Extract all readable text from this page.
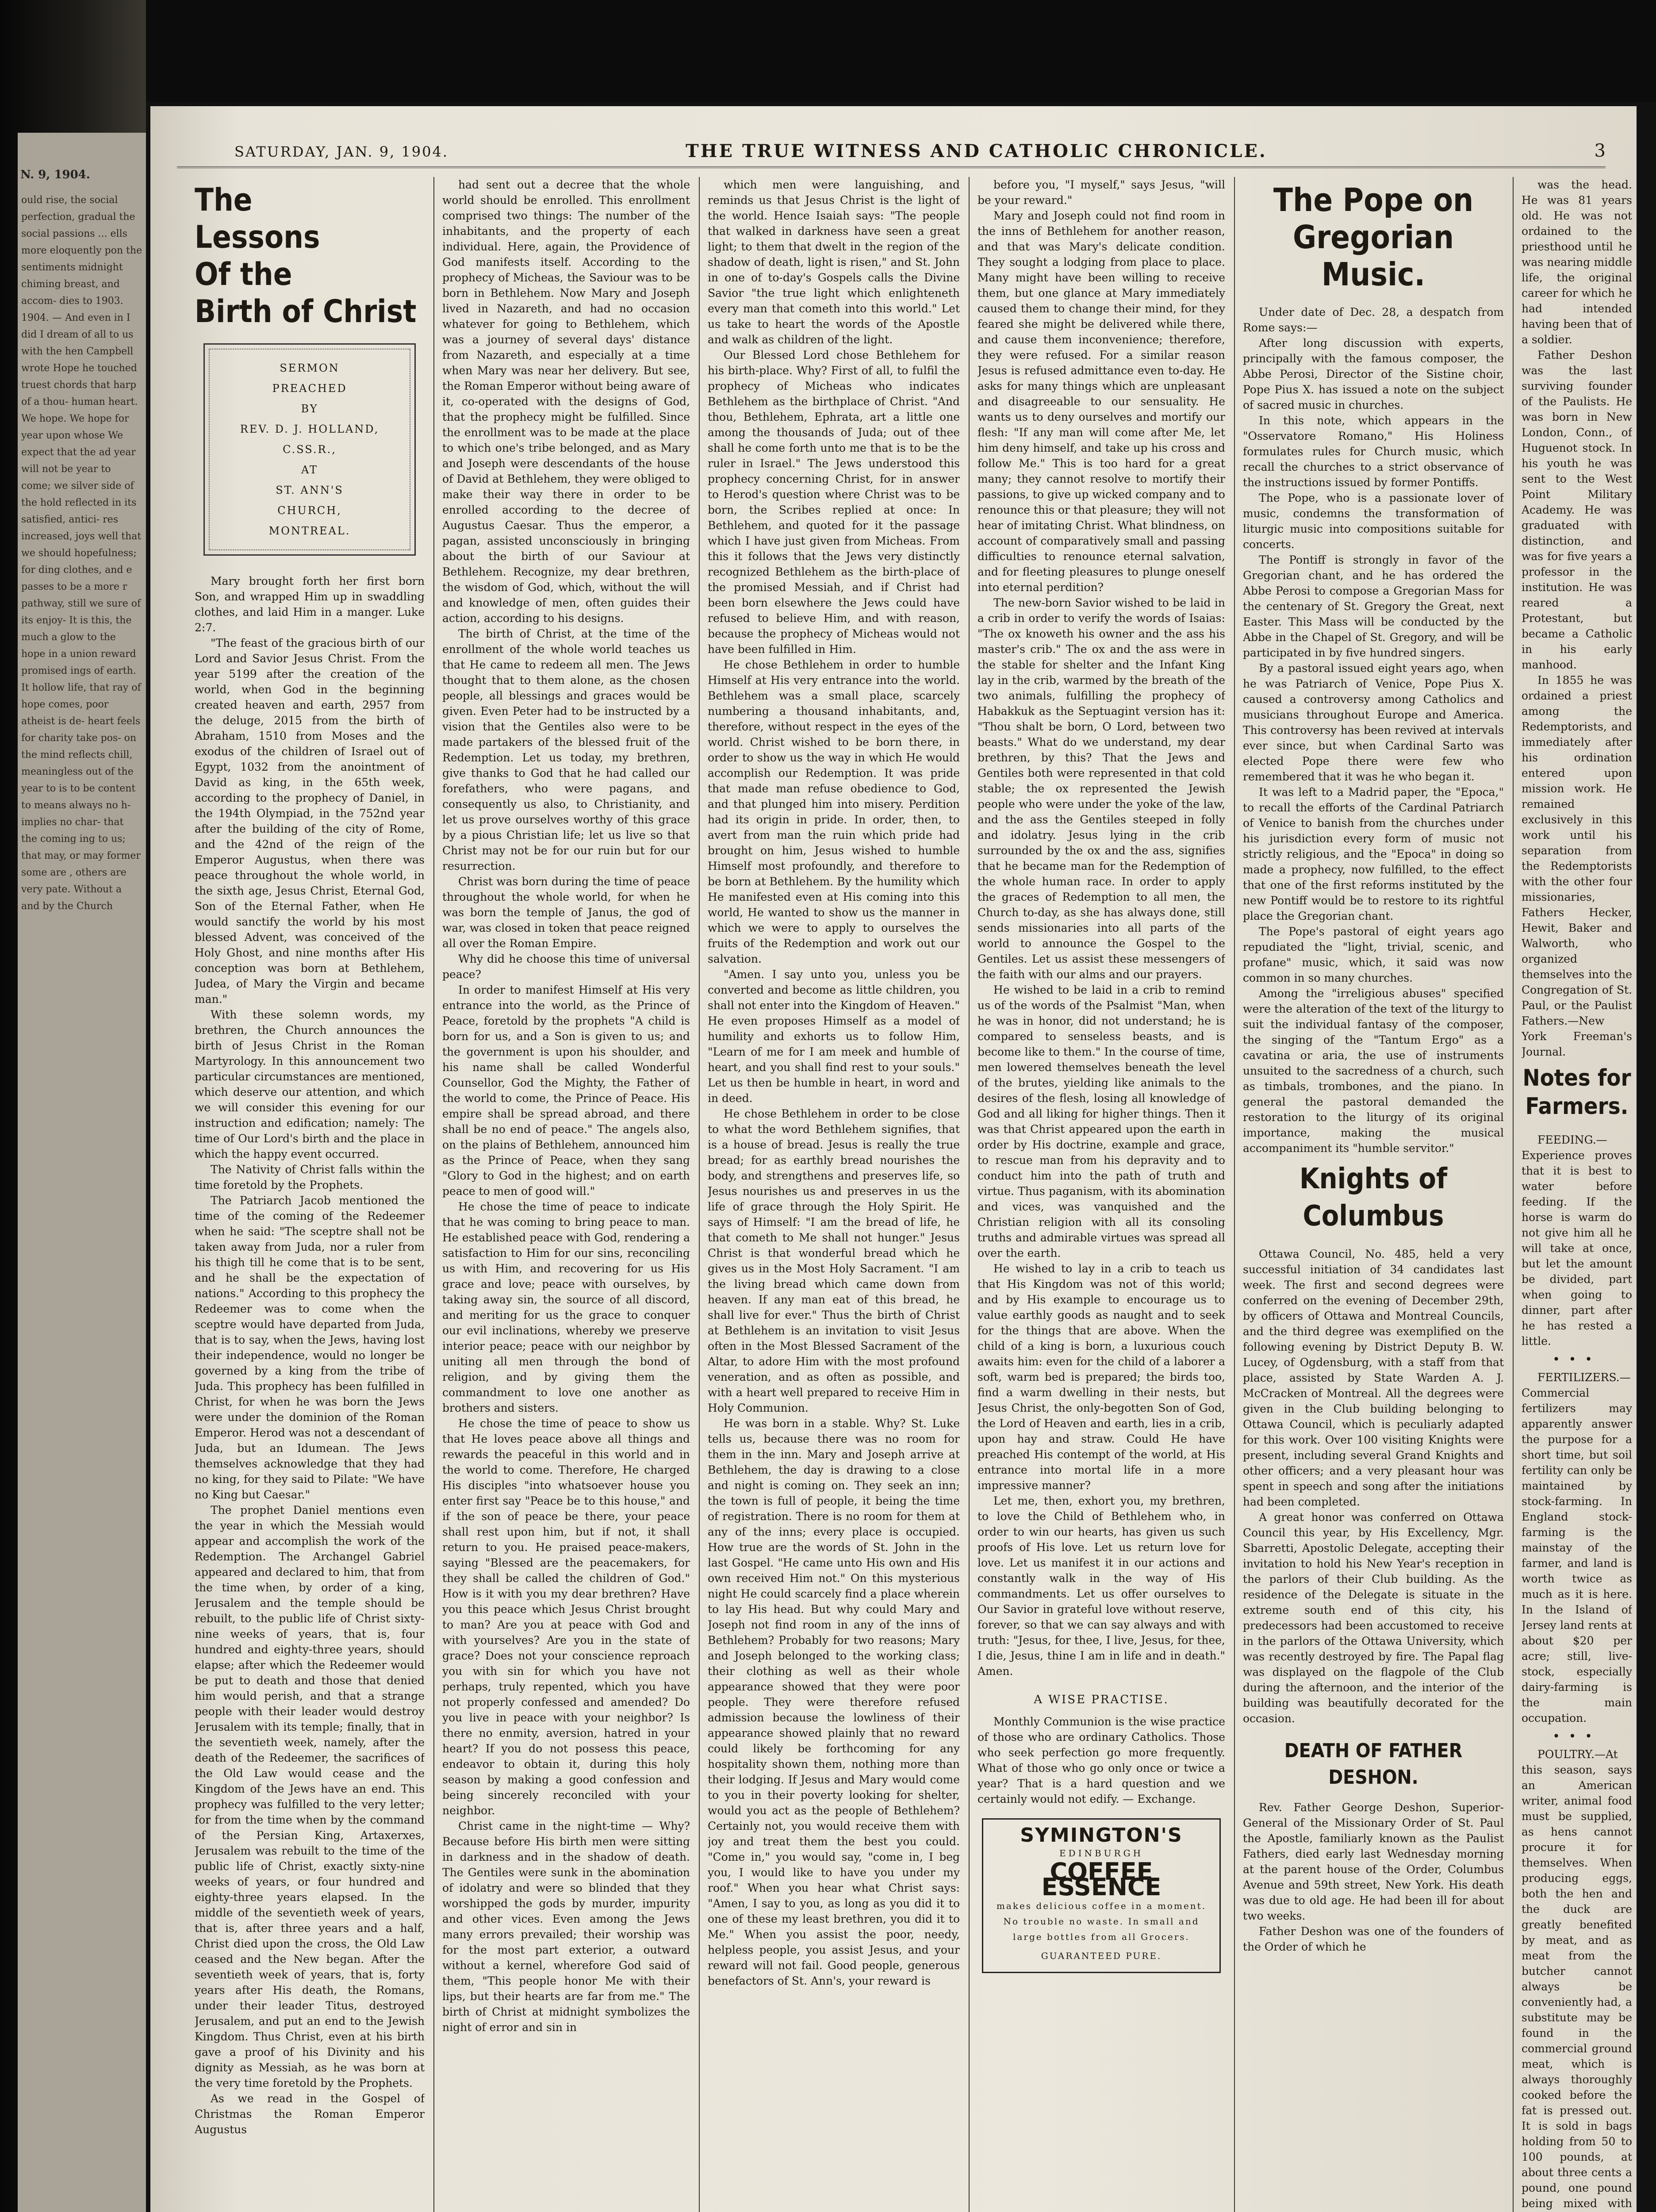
N. 9, 1904.
ould rise, the social perfection, gradual the social passions ... ells more eloquently pon the sentiments midnight chiming breast, and accom- dies to 1903. 1904. — And even in I did I dream of all to us with the hen Campbell wrote Hope he touched truest chords that harp of a thou- human heart. We hope. We hope for year upon whose We expect that the ad year will not be year to come; we silver side of the hold reflected in its satisfied, antici- res increased, joys well that we should hopefulness; for ding clothes, and e passes to be a more r pathway, still we sure of its enjoy- It is this, the much a glow to the hope in a union reward promised ings of earth. It hollow life, that ray of hope comes, poor atheist is de- heart feels for charity take pos- on the mind reflects chill, meaningless out of the year to is to be content to means always no h- implies no char- that the coming ing to us; that may, or may former some are , others are very pate. Without a and by the Church
SATURDAY, JAN. 9, 1904.	THE TRUE WITNESS AND CATHOLIC CHRONICLE.	3
The
Lessons
Of the
Birth of Christ
SERMON
PREACHED
BY
REV. D. J. HOLLAND,
C.SS.R.,
AT
ST. ANN'S
CHURCH,
MONTREAL.

Mary brought forth her first born Son, and wrapped Him up in swaddling clothes, and laid Him in a manger. Luke 2:7.

"The feast of the gracious birth of our Lord and Savior Jesus Christ. From the year 5199 after the creation of the world, when God in the beginning created heaven and earth, 2957 from the deluge, 2015 from the birth of Abraham, 1510 from Moses and the exodus of the children of Israel out of Egypt, 1032 from the anointment of David as king, in the 65th week, according to the prophecy of Daniel, in the 194th Olympiad, in the 752nd year after the building of the city of Rome, and the 42nd of the reign of the Emperor Augustus, when there was peace throughout the whole world, in the sixth age, Jesus Christ, Eternal God, Son of the Eternal Father, when He would sanctify the world by his most blessed Advent, was conceived of the Holy Ghost, and nine months after His conception was born at Bethlehem, Judea, of Mary the Virgin and became man."

With these solemn words, my brethren, the Church announces the birth of Jesus Christ in the Roman Martyrology. In this announcement two particular circumstances are mentioned, which deserve our attention, and which we will consider this evening for our instruction and edification; namely: The time of Our Lord's birth and the place in which the happy event occurred.

The Nativity of Christ falls within the time foretold by the Prophets.

The Patriarch Jacob mentioned the time of the coming of the Redeemer when he said: "The sceptre shall not be taken away from Juda, nor a ruler from his thigh till he come that is to be sent, and he shall be the expectation of nations." According to this prophecy the Redeemer was to come when the sceptre would have departed from Juda, that is to say, when the Jews, having lost their independence, would no longer be governed by a king from the tribe of Juda. This prophecy has been fulfilled in Christ, for when he was born the Jews were under the dominion of the Roman Emperor. Herod was not a descendant of Juda, but an Idumean. The Jews themselves acknowledge that they had no king, for they said to Pilate: "We have no King but Caesar."

The prophet Daniel mentions even the year in which the Messiah would appear and accomplish the work of the Redemption. The Archangel Gabriel appeared and declared to him, that from the time when, by order of a king, Jerusalem and the temple should be rebuilt, to the public life of Christ sixty-nine weeks of years, that is, four hundred and eighty-three years, should elapse; after which the Redeemer would be put to death and those that denied him would perish, and that a strange people with their leader would destroy Jerusalem with its temple; finally, that in the seventieth week, namely, after the death of the Redeemer, the sacrifices of the Old Law would cease and the Kingdom of the Jews have an end. This prophecy was fulfilled to the very letter; for from the time when by the command of the Persian King, Artaxerxes, Jerusalem was rebuilt to the time of the public life of Christ, exactly sixty-nine weeks of years, or four hundred and eighty-three years elapsed. In the middle of the seventieth week of years, that is, after three years and a half, Christ died upon the cross, the Old Law ceased and the New began. After the seventieth week of years, that is, forty years after His death, the Romans, under their leader Titus, destroyed Jerusalem, and put an end to the Jewish Kingdom. Thus Christ, even at his birth gave a proof of his Divinity and his dignity as Messiah, as he was born at the very time foretold by the Prophets.

As we read in the Gospel of Christmas the Roman Emperor Augustus

had sent out a decree that the whole world should be enrolled. This enrollment comprised two things: The number of the inhabitants, and the property of each individual. Here, again, the Providence of God manifests itself. According to the prophecy of Micheas, the Saviour was to be born in Bethlehem. Now Mary and Joseph lived in Nazareth, and had no occasion whatever for going to Bethlehem, which was a journey of several days' distance from Nazareth, and especially at a time when Mary was near her delivery. But see, the Roman Emperor without being aware of it, co-operated with the designs of God, that the prophecy might be fulfilled. Since the enrollment was to be made at the place to which one's tribe belonged, and as Mary and Joseph were descendants of the house of David at Bethlehem, they were obliged to make their way there in order to be enrolled according to the decree of Augustus Caesar. Thus the emperor, a pagan, assisted unconsciously in bringing about the birth of our Saviour at Bethlehem. Recognize, my dear brethren, the wisdom of God, which, without the will and knowledge of men, often guides their action, according to his designs.

The birth of Christ, at the time of the enrollment of the whole world teaches us that He came to redeem all men. The Jews thought that to them alone, as the chosen people, all blessings and graces would be given. Even Peter had to be instructed by a vision that the Gentiles also were to be made partakers of the blessed fruit of the Redemption. Let us today, my brethren, give thanks to God that he had called our forefathers, who were pagans, and consequently us also, to Christianity, and let us prove ourselves worthy of this grace by a pious Christian life; let us live so that Christ may not be for our ruin but for our resurrection.

Christ was born during the time of peace throughout the whole world, for when he was born the temple of Janus, the god of war, was closed in token that peace reigned all over the Roman Empire.

Why did he choose this time of universal peace?

In order to manifest Himself at His very entrance into the world, as the Prince of Peace, foretold by the prophets "A child is born for us, and a Son is given to us; and the government is upon his shoulder, and his name shall be called Wonderful Counsellor, God the Mighty, the Father of the world to come, the Prince of Peace. His empire shall be spread abroad, and there shall be no end of peace." The angels also, on the plains of Bethlehem, announced him as the Prince of Peace, when they sang "Glory to God in the highest; and on earth peace to men of good will."

He chose the time of peace to indicate that he was coming to bring peace to man. He established peace with God, rendering a satisfaction to Him for our sins, reconciling us with Him, and recovering for us His grace and love; peace with ourselves, by taking away sin, the source of all discord, and meriting for us the grace to conquer our evil inclinations, whereby we preserve interior peace; peace with our neighbor by uniting all men through the bond of religion, and by giving them the commandment to love one another as brothers and sisters.

He chose the time of peace to show us that He loves peace above all things and rewards the peaceful in this world and in the world to come. Therefore, He charged His disciples "into whatsoever house you enter first say "Peace be to this house," and if the son of peace be there, your peace shall rest upon him, but if not, it shall return to you. He praised peace-makers, saying "Blessed are the peacemakers, for they shall be called the children of God." How is it with you my dear brethren? Have you this peace which Jesus Christ brought to man? Are you at peace with God and with yourselves? Are you in the state of grace? Does not your conscience reproach you with sin for which you have not perhaps, truly repented, which you have not properly confessed and amended? Do you live in peace with your neighbor? Is there no enmity, aversion, hatred in your heart? If you do not possess this peace, endeavor to obtain it, during this holy season by making a good confession and being sincerely reconciled with your neighbor.

Christ came in the night-time — Why? Because before His birth men were sitting in darkness and in the shadow of death. The Gentiles were sunk in the abomination of idolatry and were so blinded that they worshipped the gods by murder, impurity and other vices. Even among the Jews many errors prevailed; their worship was for the most part exterior, a outward without a kernel, wherefore God said of them, "This people honor Me with their lips, but their hearts are far from me." The birth of Christ at midnight symbolizes the night of error and sin in

which men were languishing, and reminds us that Jesus Christ is the light of the world. Hence Isaiah says: "The people that walked in darkness have seen a great light; to them that dwelt in the region of the shadow of death, light is risen," and St. John in one of to-day's Gospels calls the Divine Savior "the true light which enlighteneth every man that cometh into this world." Let us take to heart the words of the Apostle and walk as children of the light.

Our Blessed Lord chose Bethlehem for his birth-place. Why? First of all, to fulfil the prophecy of Micheas who indicates Bethlehem as the birthplace of Christ. "And thou, Bethlehem, Ephrata, art a little one among the thousands of Juda; out of thee shall he come forth unto me that is to be the ruler in Israel." The Jews understood this prophecy concerning Christ, for in answer to Herod's question where Christ was to be born, the Scribes replied at once: In Bethlehem, and quoted for it the passage which I have just given from Micheas. From this it follows that the Jews very distinctly recognized Bethlehem as the birth-place of the promised Messiah, and if Christ had been born elsewhere the Jews could have refused to believe Him, and with reason, because the prophecy of Micheas would not have been fulfilled in Him.

He chose Bethlehem in order to humble Himself at His very entrance into the world. Bethlehem was a small place, scarcely numbering a thousand inhabitants, and, therefore, without respect in the eyes of the world. Christ wished to be born there, in order to show us the way in which He would accomplish our Redemption. It was pride that made man refuse obedience to God, and that plunged him into misery. Perdition had its origin in pride. In order, then, to avert from man the ruin which pride had brought on him, Jesus wished to humble Himself most profoundly, and therefore to be born at Bethlehem. By the humility which He manifested even at His coming into this world, He wanted to show us the manner in which we were to apply to ourselves the fruits of the Redemption and work out our salvation.

"Amen. I say unto you, unless you be converted and become as little children, you shall not enter into the Kingdom of Heaven." He even proposes Himself as a model of humility and exhorts us to follow Him, "Learn of me for I am meek and humble of heart, and you shall find rest to your souls." Let us then be humble in heart, in word and in deed.

He chose Bethlehem in order to be close to what the word Bethlehem signifies, that is a house of bread. Jesus is really the true bread; for as earthly bread nourishes the body, and strengthens and preserves life, so Jesus nourishes us and preserves in us the life of grace through the Holy Spirit. He says of Himself: "I am the bread of life, he that cometh to Me shall not hunger." Jesus Christ is that wonderful bread which he gives us in the Most Holy Sacrament. "I am the living bread which came down from heaven. If any man eat of this bread, he shall live for ever." Thus the birth of Christ at Bethlehem is an invitation to visit Jesus often in the Most Blessed Sacrament of the Altar, to adore Him with the most profound veneration, and as often as possible, and with a heart well prepared to receive Him in Holy Communion.

He was born in a stable. Why? St. Luke tells us, because there was no room for them in the inn. Mary and Joseph arrive at Bethlehem, the day is drawing to a close and night is coming on. They seek an inn; the town is full of people, it being the time of registration. There is no room for them at any of the inns; every place is occupied. How true are the words of St. John in the last Gospel. "He came unto His own and His own received Him not." On this mysterious night He could scarcely find a place wherein to lay His head. But why could Mary and Joseph not find room in any of the inns of Bethlehem? Probably for two reasons; Mary and Joseph belonged to the working class; their clothing as well as their whole appearance showed that they were poor people. They were therefore refused admission because the lowliness of their appearance showed plainly that no reward could likely be forthcoming for any hospitality shown them, nothing more than their lodging. If Jesus and Mary would come to you in their poverty looking for shelter, would you act as the people of Bethlehem? Certainly not, you would receive them with joy and treat them the best you could. "Come in," you would say, "come in, I beg you, I would like to have you under my roof." When you hear what Christ says: "Amen, I say to you, as long as you did it to one of these my least brethren, you did it to Me." When you assist the poor, needy, helpless people, you assist Jesus, and your reward will not fail. Good people, generous benefactors of St. Ann's, your reward is

before you, "I myself," says Jesus, "will be your reward."

Mary and Joseph could not find room in the inns of Bethlehem for another reason, and that was Mary's delicate condition. They sought a lodging from place to place. Many might have been willing to receive them, but one glance at Mary immediately caused them to change their mind, for they feared she might be delivered while there, and cause them inconvenience; therefore, they were refused. For a similar reason Jesus is refused admittance even to-day. He asks for many things which are unpleasant and disagreeable to our sensuality. He wants us to deny ourselves and mortify our flesh: "If any man will come after Me, let him deny himself, and take up his cross and follow Me." This is too hard for a great many; they cannot resolve to mortify their passions, to give up wicked company and to renounce this or that pleasure; they will not hear of imitating Christ. What blindness, on account of comparatively small and passing difficulties to renounce eternal salvation, and for fleeting pleasures to plunge oneself into eternal perdition?

The new-born Savior wished to be laid in a crib in order to verify the words of Isaias: "The ox knoweth his owner and the ass his master's crib." The ox and the ass were in the stable for shelter and the Infant King lay in the crib, warmed by the breath of the two animals, fulfilling the prophecy of Habakkuk as the Septuagint version has it: "Thou shalt be born, O Lord, between two beasts." What do we understand, my dear brethren, by this? That the Jews and Gentiles both were represented in that cold stable; the ox represented the Jewish people who were under the yoke of the law, and the ass the Gentiles steeped in folly and idolatry. Jesus lying in the crib surrounded by the ox and the ass, signifies that he became man for the Redemption of the whole human race. In order to apply the graces of Redemption to all men, the Church to-day, as she has always done, still sends missionaries into all parts of the world to announce the Gospel to the Gentiles. Let us assist these messengers of the faith with our alms and our prayers.

He wished to be laid in a crib to remind us of the words of the Psalmist "Man, when he was in honor, did not understand; he is compared to senseless beasts, and is become like to them." In the course of time, men lowered themselves beneath the level of the brutes, yielding like animals to the desires of the flesh, losing all knowledge of God and all liking for higher things. Then it was that Christ appeared upon the earth in order by His doctrine, example and grace, to rescue man from his depravity and to conduct him into the path of truth and virtue. Thus paganism, with its abomination and vices, was vanquished and the Christian religion with all its consoling truths and admirable virtues was spread all over the earth.

He wished to lay in a crib to teach us that His Kingdom was not of this world; and by His example to encourage us to value earthly goods as naught and to seek for the things that are above. When the child of a king is born, a luxurious couch awaits him: even for the child of a laborer a soft, warm bed is prepared; the birds too, find a warm dwelling in their nests, but Jesus Christ, the only-begotten Son of God, the Lord of Heaven and earth, lies in a crib, upon hay and straw. Could He have preached His contempt of the world, at His entrance into mortal life in a more impressive manner?

Let me, then, exhort you, my brethren, to love the Child of Bethlehem who, in order to win our hearts, has given us such proofs of His love. Let us return love for love. Let us manifest it in our actions and constantly walk in the way of His commandments. Let us offer ourselves to Our Savior in grateful love without reserve, forever, so that we can say always and with truth: "Jesus, for thee, I live, Jesus, for thee, I die, Jesus, thine I am in life and in death." Amen.

A WISE PRACTISE.

Monthly Communion is the wise practice of those who are ordinary Catholics. Those who seek perfection go more frequently. What of those who go only once or twice a year? That is a hard question and we certainly would not edify. — Exchange.

SYMINGTON'S
EDINBURGH
COFFEE ESSENCE
makes delicious coffee in a moment. No trouble no waste. In small and large bottles from all Grocers.
GUARANTEED PURE.
The Pope on
Gregorian Music.

Under date of Dec. 28, a despatch from Rome says:—

After long discussion with experts, principally with the famous composer, the Abbe Perosi, Director of the Sistine choir, Pope Pius X. has issued a note on the subject of sacred music in churches.

In this note, which appears in the "Osservatore Romano," His Holiness formulates rules for Church music, which recall the churches to a strict observance of the instructions issued by former Pontiffs.

The Pope, who is a passionate lover of music, condemns the transformation of liturgic music into compositions suitable for concerts.

The Pontiff is strongly in favor of the Gregorian chant, and he has ordered the Abbe Perosi to compose a Gregorian Mass for the centenary of St. Gregory the Great, next Easter. This Mass will be conducted by the Abbe in the Chapel of St. Gregory, and will be participated in by five hundred singers.

By a pastoral issued eight years ago, when he was Patriarch of Venice, Pope Pius X. caused a controversy among Catholics and musicians throughout Europe and America. This controversy has been revived at intervals ever since, but when Cardinal Sarto was elected Pope there were few who remembered that it was he who began it.

It was left to a Madrid paper, the "Epoca," to recall the efforts of the Cardinal Patriarch of Venice to banish from the churches under his jurisdiction every form of music not strictly religious, and the "Epoca" in doing so made a prophecy, now fulfilled, to the effect that one of the first reforms instituted by the new Pontiff would be to restore to its rightful place the Gregorian chant.

The Pope's pastoral of eight years ago repudiated the "light, trivial, scenic, and profane" music, which, it said was now common in so many churches.

Among the "irreligious abuses" specified were the alteration of the text of the liturgy to suit the individual fantasy of the composer, the singing of the "Tantum Ergo" as a cavatina or aria, the use of instruments unsuited to the sacredness of a church, such as timbals, trombones, and the piano. In general the pastoral demanded the restoration to the liturgy of its original importance, making the musical accompaniment its "humble servitor."

Knights of Columbus

Ottawa Council, No. 485, held a very successful initiation of 34 candidates last week. The first and second degrees were conferred on the evening of December 29th, by officers of Ottawa and Montreal Councils, and the third degree was exemplified on the following evening by District Deputy B. W. Lucey, of Ogdensburg, with a staff from that place, assisted by State Warden A. J. McCracken of Montreal. All the degrees were given in the Club building belonging to Ottawa Council, which is peculiarly adapted for this work. Over 100 visiting Knights were present, including several Grand Knights and other officers; and a very pleasant hour was spent in speech and song after the initiations had been completed.

A great honor was conferred on Ottawa Council this year, by His Excellency, Mgr. Sbarretti, Apostolic Delegate, accepting their invitation to hold his New Year's reception in the parlors of their Club building. As the residence of the Delegate is situate in the extreme south end of this city, his predecessors had been accustomed to receive in the parlors of the Ottawa University, which was recently destroyed by fire. The Papal flag was displayed on the flagpole of the Club during the afternoon, and the interior of the building was beautifully decorated for the occasion.

DEATH OF FATHER DESHON.

Rev. Father George Deshon, Superior-General of the Missionary Order of St. Paul the Apostle, familiarly known as the Paulist Fathers, died early last Wednesday morning at the parent house of the Order, Columbus Avenue and 59th street, New York. His death was due to old age. He had been ill for about two weeks.

Father Deshon was one of the founders of the Order of which he

was the head. He was 81 years old. He was not ordained to the priesthood until he was nearing middle life, the original career for which he had intended having been that of a soldier.

Father Deshon was the last surviving founder of the Paulists. He was born in New London, Conn., of Huguenot stock. In his youth he was sent to the West Point Military Academy. He was graduated with distinction, and was for five years a professor in the institution. He was reared a Protestant, but became a Catholic in his early manhood.

In 1855 he was ordained a priest among the Redemptorists, and immediately after his ordination entered upon mission work. He remained exclusively in this work until his separation from the Redemptorists with the other four missionaries, Fathers Hecker, Hewit, Baker and Walworth, who organized themselves into the Congregation of St. Paul, or the Paulist Fathers.—New York Freeman's Journal.

Notes for Farmers.

FEEDING.—Experience proves that it is best to water before feeding. If the horse is warm do not give him all he will take at once, but let the amount be divided, part when going to dinner, part after he has rested a little.

•••

FERTILIZERS.—Commercial fertilizers may apparently answer the purpose for a short time, but soil fertility can only be maintained by stock-farming. In England stock-farming is the mainstay of the farmer, and land is worth twice as much as it is here. In the Island of Jersey land rents at about $20 per acre; still, live-stock, especially dairy-farming is the main occupation.

•••

POULTRY.—At this season, says an American writer, animal food must be supplied, as hens cannot procure it for themselves. When producing eggs, both the hen and the duck are greatly benefited by meat, and as meat from the butcher cannot always be conveniently had, a substitute may be found in the commercial ground meat, which is always thoroughly cooked before the fat is pressed out. It is sold in bags holding from 50 to 100 pounds, at about three cents a pound, one pound being mixed with
